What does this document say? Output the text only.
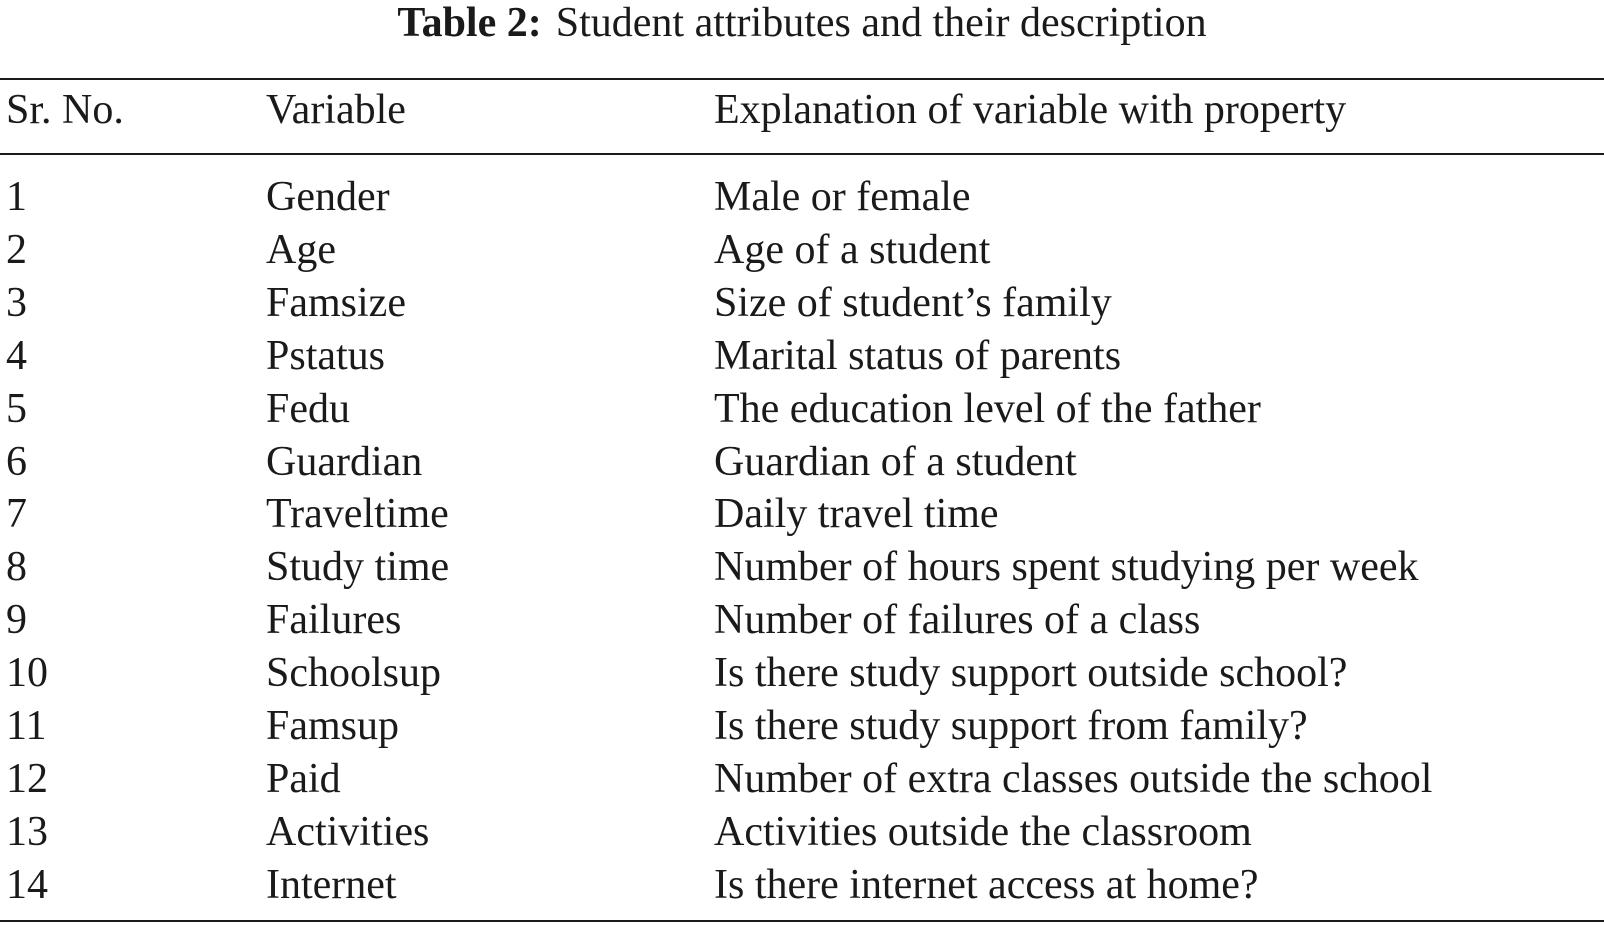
Table 2: Student attributes and their description
Sr. No.	Variable	Explanation of variable with property
1	Gender	Male or female
2	Age	Age of a student
3	Famsize	Size of student’s family
4	Pstatus	Marital status of parents
5	Fedu	The education level of the father
6	Guardian	Guardian of a student
7	Traveltime	Daily travel time
8	Study time	Number of hours spent studying per week
9	Failures	Number of failures of a class
10	Schoolsup	Is there study support outside school?
11	Famsup	Is there study support from family?
12	Paid	Number of extra classes outside the school
13	Activities	Activities outside the classroom
14	Internet	Is there internet access at home?
